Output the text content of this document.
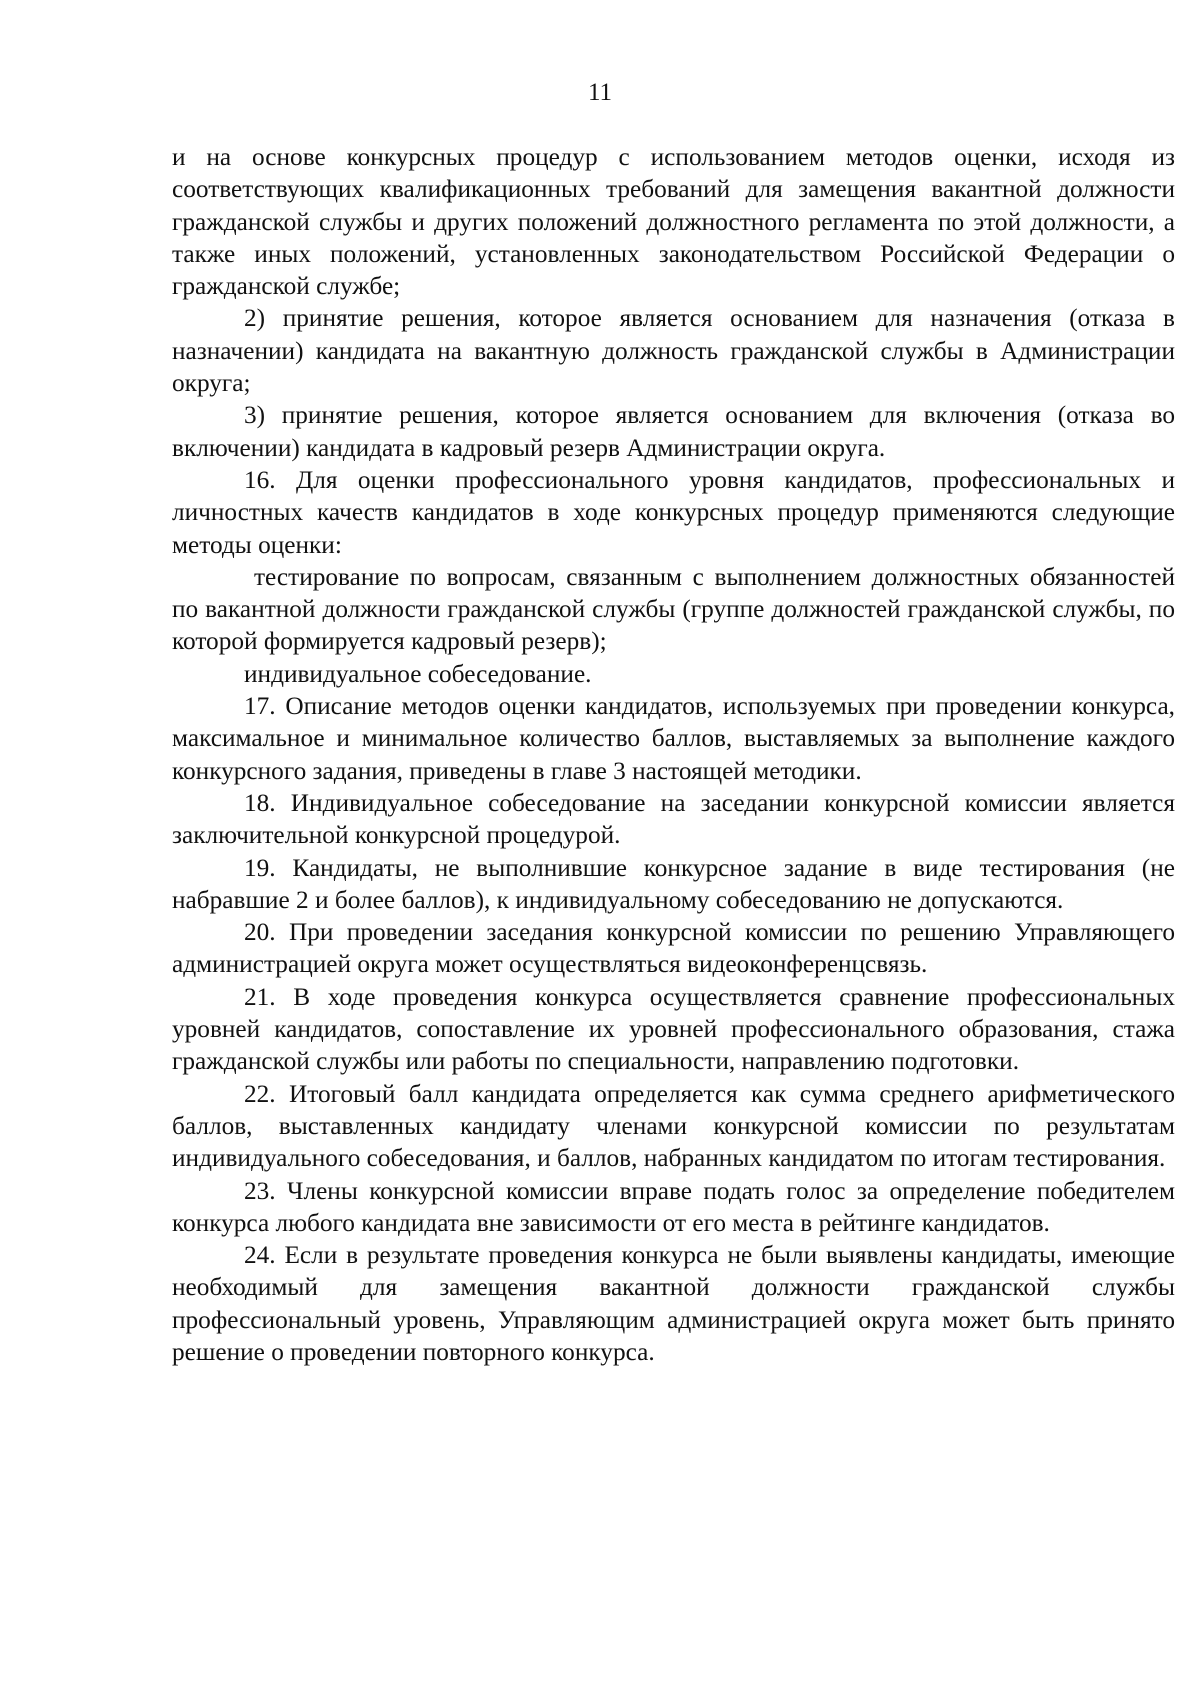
11

и на основе конкурсных процедур с использованием методов оценки, исходя из соответствующих квалификационных требований для замещения вакантной должности гражданской службы и других положений должностного регламента по этой должности, а также иных положений, установленных законодательством Российской Федерации о гражданской службе;

2) принятие решения, которое является основанием для назначения (отказа в назначении) кандидата на вакантную должность гражданской службы в Администрации округа;

3) принятие решения, которое является основанием для включения (отказа во включении) кандидата в кадровый резерв Администрации округа.

16. Для оценки профессионального уровня кандидатов, профессиональных и личностных качеств кандидатов в ходе конкурсных процедур применяются следующие методы оценки:

тестирование по вопросам, связанным с выполнением должностных обязанностей по вакантной должности гражданской службы (группе должностей гражданской службы, по которой формируется кадровый резерв);

индивидуальное собеседование.

17. Описание методов оценки кандидатов, используемых при проведении конкурса, максимальное и минимальное количество баллов, выставляемых за выполнение каждого конкурсного задания, приведены в главе 3 настоящей методики.

18. Индивидуальное собеседование на заседании конкурсной комиссии является заключительной конкурсной процедурой.

19. Кандидаты, не выполнившие конкурсное задание в виде тестирования (не набравшие 2 и более баллов), к индивидуальному собеседованию не допускаются.

20. При проведении заседания конкурсной комиссии по решению Управляющего администрацией округа может осуществляться видеоконференцсвязь.

21. В ходе проведения конкурса осуществляется сравнение профессиональных уровней кандидатов, сопоставление их уровней профессионального образования, стажа гражданской службы или работы по специальности, направлению подготовки.

22. Итоговый балл кандидата определяется как сумма среднего арифметического баллов, выставленных кандидату членами конкурсной комиссии по результатам индивидуального собеседования, и баллов, набранных кандидатом по итогам тестирования.

23. Члены конкурсной комиссии вправе подать голос за определение победителем конкурса любого кандидата вне зависимости от его места в рейтинге кандидатов.

24. Если в результате проведения конкурса не были выявлены кандидаты, имеющие необходимый для замещения вакантной должности гражданской службы профессиональный уровень, Управляющим администрацией округа может быть принято решение о проведении повторного конкурса.
